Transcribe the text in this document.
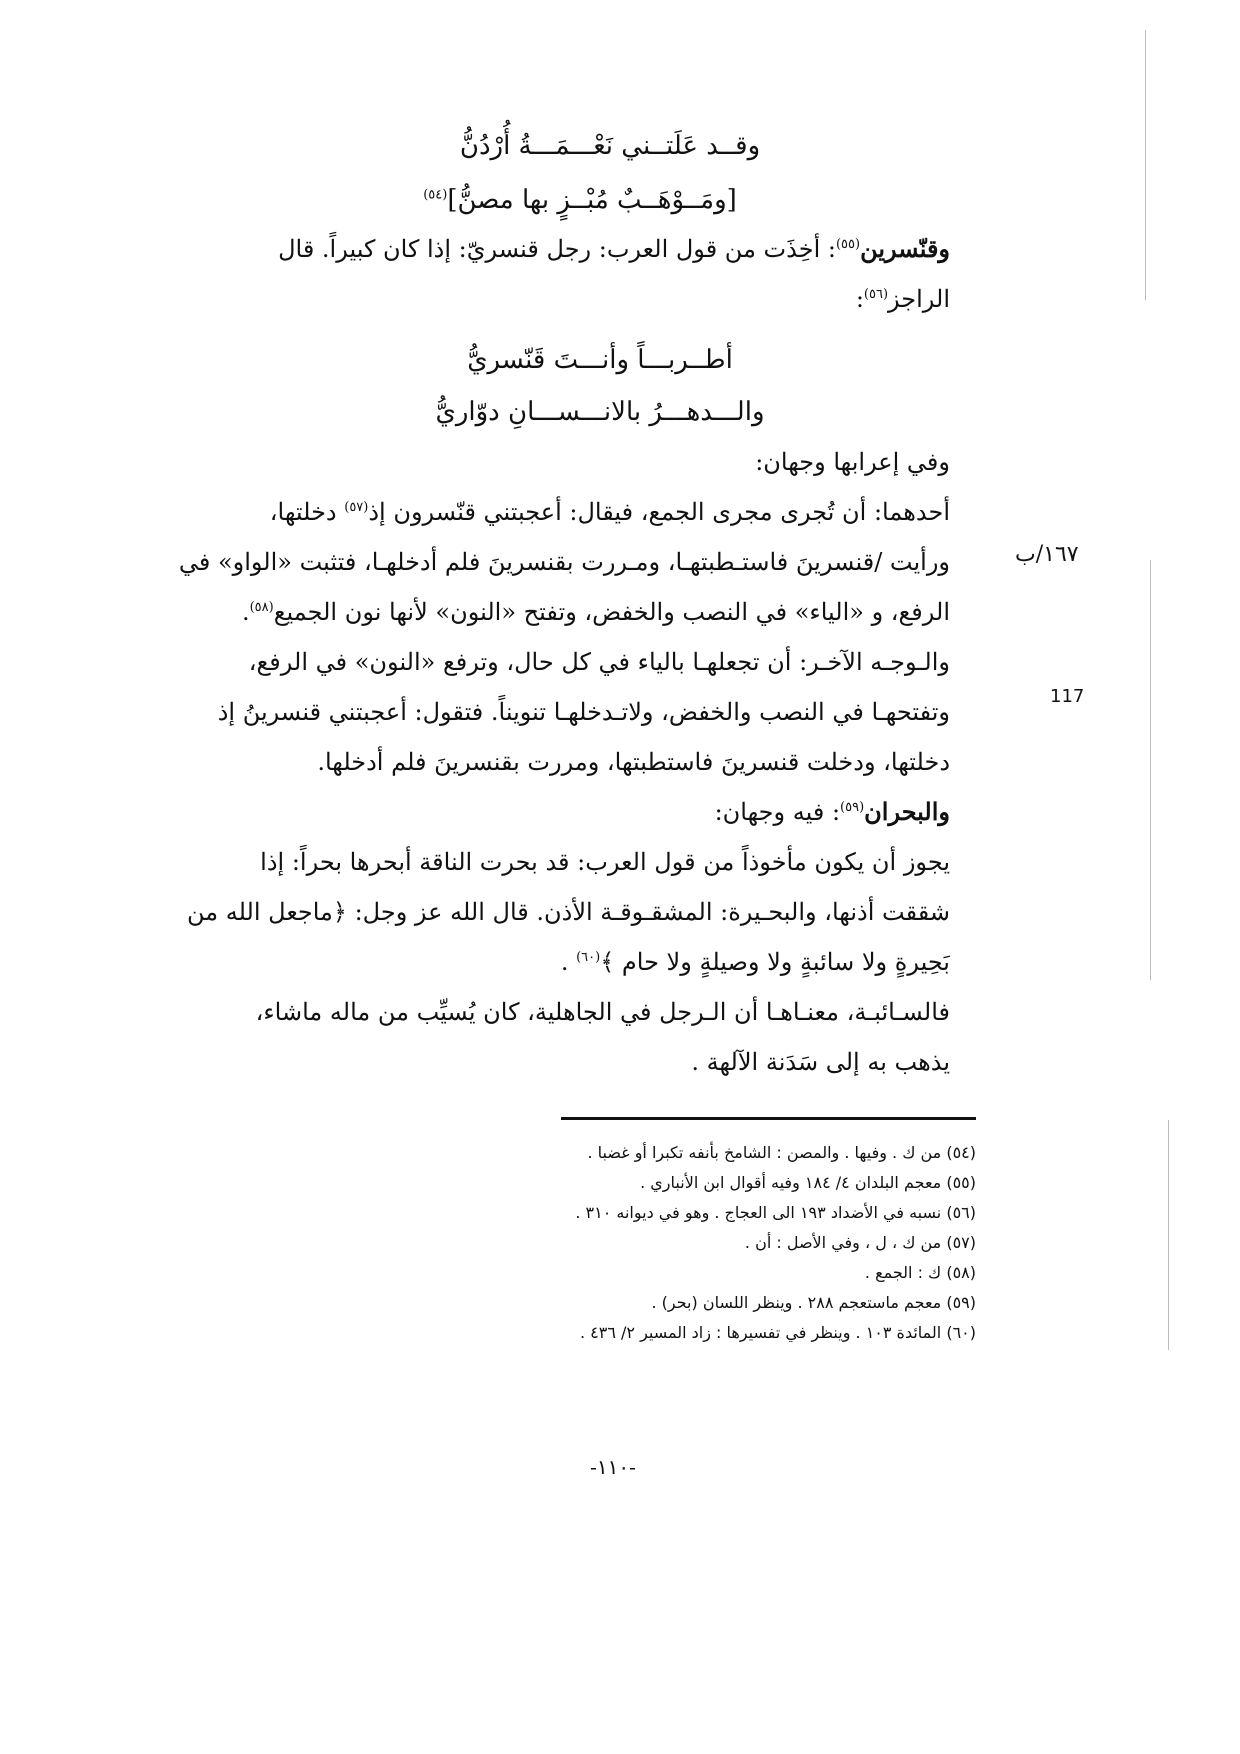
وقــد عَلَتــني نَعْـــمَـــةُ أُرْدُنُّ
[ومَــوْهَــبٌ مُبْــزٍ بها مصنُّ]$^{(٥٤)}$
وقنّسرين$^{(٥٥)}$: أخِذَت من قول العرب: رجل قنسريّ: إذا كان كبيراً. قال
الراجز$^{(٥٦)}$:
أطــربـــاً وأنـــتَ قَنّسريُّ
والـــدهـــرُ بالانـــســـانِ دوّاريُّ
وفي إعرابها وجهان:
أحدهما: أن تُجرى مجرى الجمع، فيقال: أعجبتني قنّسرون إذ$^{(٥٧)}$ دخلتها،
ورأيت /قنسرينَ فاستـطبتهـا، ومـررت بقنسرينَ فلم أدخلهـا، فتثبت «الواو» في
الرفع، و «الياء» في النصب والخفض، وتفتح «النون» لأنها نون الجميع$^{(٥٨)}$.
والـوجـه الآخـر: أن تجعلهـا بالياء في كل حال، وترفع «النون» في الرفع،
وتفتحهـا في النصب والخفض، ولاتـدخلهـا تنويناً. فتقول: أعجبتني قنسرينُ إذ
دخلتها، ودخلت قنسرينَ فاستطبتها، ومررت بقنسرينَ فلم أدخلها.
والبحران$^{(٥٩)}$: فيه وجهان:
يجوز أن يكون مأخوذاً من قول العرب: قد بحرت الناقة أبحرها بحراً: إذا
شققت أذنها، والبحـيرة: المشقـوقـة الأذن. قال الله عز وجل: ﴿ماجعل الله من
بَحِيرةٍ ولا سائبةٍ ولا وصيلةٍ ولا حام ﴾$^{(٦٠)}$ .
فالسـائبـة، معنـاهـا أن الـرجل في الجاهلية، كان يُسيِّب من ماله ماشاء،
يذهب به إلى سَدَنة الآلهة .
١٦٧/ب
117
(٥٤) من ك . وفيها . والمصن : الشامخ بأنفه تكبرا أو غضبا .
(٥٥) معجم البلدان ٤/ ١٨٤ وفيه أقوال ابن الأنباري .
(٥٦) نسبه في الأضداد ١٩٣ الى العجاج . وهو في ديوانه ٣١٠ .
(٥٧) من ك ، ل ، وفي الأصل : أن .
(٥٨) ك : الجمع .
(٥٩) معجم ماستعجم ٢٨٨ . وينظر اللسان (بحر) .
(٦٠) المائدة ١٠٣ . وينظر في تفسيرها : زاد المسير ٢/ ٤٣٦ .
-١١٠-
